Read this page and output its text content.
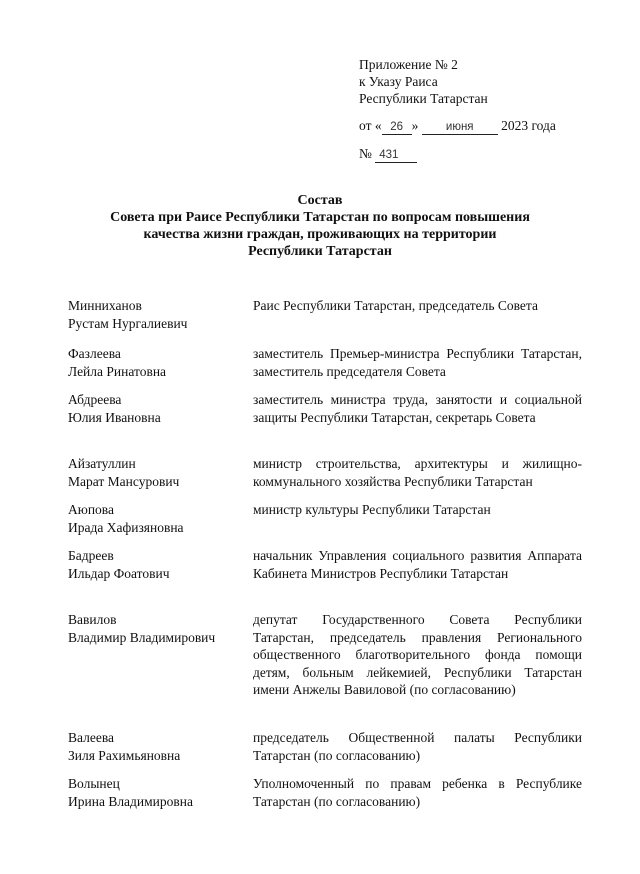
Приложение № 2
к Указу Раиса
Республики Татарстан
от « 26 » июня 2023 года
№ 431
Состав
Совета при Раисе Республики Татарстан по вопросам повышения
качества жизни граждан, проживающих на территории
Республики Татарстан
Минниханов
Рустам Нургалиевич
Раис Республики Татарстан, председатель Совета
Фазлеева
Лейла Ринатовна
заместитель Премьер-министра Республики Татарстан, заместитель председателя Совета
Абдреева
Юлия Ивановна
заместитель министра труда, занятости и социальной защиты Республики Татарстан, секретарь Совета
Айзатуллин
Марат Мансурович
министр строительства, архитектуры и жилищно-коммунального хозяйства Республики Татарстан
Аюпова
Ирада Хафизяновна
министр культуры Республики Татарстан
Бадреев
Ильдар Фоатович
начальник Управления социального развития Аппарата Кабинета Министров Республики Татарстан
Вавилов
Владимир Владимирович
депутат Государственного Совета Республики Татарстан, председатель правления Регионального общественного благотворительного фонда помощи детям, больным лейкемией, Республики Татарстан имени Анжелы Вавиловой (по согласованию)
Валеева
Зиля Рахимьяновна
председатель Общественной палаты Республики Татарстан (по согласованию)
Волынец
Ирина Владимировна
Уполномоченный по правам ребенка в Республике Татарстан (по согласованию)
